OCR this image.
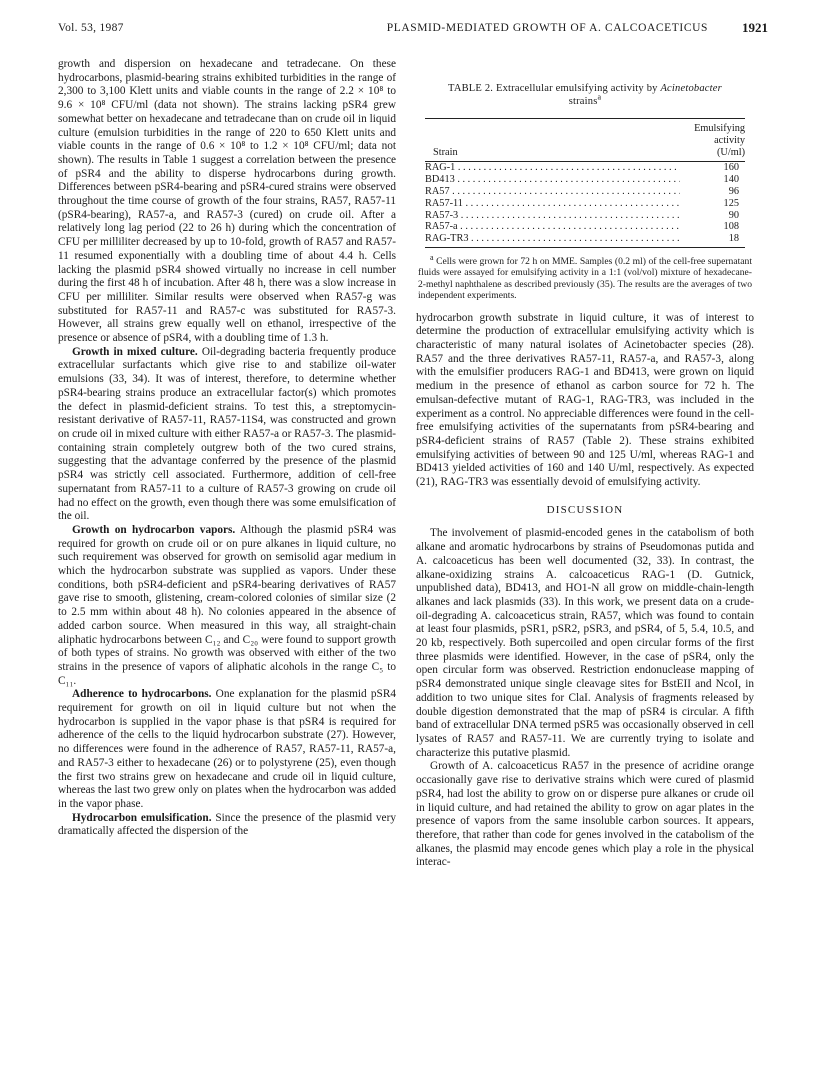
Vol. 53, 1987	PLASMID-MEDIATED GROWTH OF A. CALCOACETICUS	1921

growth and dispersion on hexadecane and tetradecane. On these hydrocarbons, plasmid-bearing strains exhibited turbidities in the range of 2,300 to 3,100 Klett units and viable counts in the range of 2.2 × 10⁸ to 9.6 × 10⁸ CFU/ml (data not shown). The strains lacking pSR4 grew somewhat better on hexadecane and tetradecane than on crude oil in liquid culture (emulsion turbidities in the range of 220 to 650 Klett units and viable counts in the range of 0.6 × 10⁸ to 1.2 × 10⁸ CFU/ml; data not shown). The results in Table 1 suggest a correlation between the presence of pSR4 and the ability to disperse hydrocarbons during growth. Differences between pSR4-bearing and pSR4-cured strains were observed throughout the time course of growth of the four strains, RA57, RA57-11 (pSR4-bearing), RA57-a, and RA57-3 (cured) on crude oil. After a relatively long lag period (22 to 26 h) during which the concentration of CFU per milliliter decreased by up to 10-fold, growth of RA57 and RA57-11 resumed exponentially with a doubling time of about 4.4 h. Cells lacking the plasmid pSR4 showed virtually no increase in cell number during the first 48 h of incubation. After 48 h, there was a slow increase in CFU per milliliter. Similar results were observed when RA57-g was substituted for RA57-11 and RA57-c was substituted for RA57-3. However, all strains grew equally well on ethanol, irrespective of the presence or absence of pSR4, with a doubling time of 1.3 h.

Growth in mixed culture. Oil-degrading bacteria frequently produce extracellular surfactants which give rise to and stabilize oil-water emulsions (33, 34). It was of interest, therefore, to determine whether pSR4-bearing strains produce an extracellular factor(s) which promotes the defect in plasmid-deficient strains. To test this, a streptomycin-resistant derivative of RA57-11, RA57-11S4, was constructed and grown on crude oil in mixed culture with either RA57-a or RA57-3. The plasmid-containing strain completely outgrew both of the two cured strains, suggesting that the advantage conferred by the presence of the plasmid pSR4 was strictly cell associated. Furthermore, addition of cell-free supernatant from RA57-11 to a culture of RA57-3 growing on crude oil had no effect on the growth, even though there was some emulsification of the oil.

Growth on hydrocarbon vapors. Although the plasmid pSR4 was required for growth on crude oil or on pure alkanes in liquid culture, no such requirement was observed for growth on semisolid agar medium in which the hydrocarbon substrate was supplied as vapors. Under these conditions, both pSR4-deficient and pSR4-bearing derivatives of RA57 gave rise to smooth, glistening, cream-colored colonies of similar size (2 to 2.5 mm within about 48 h). No colonies appeared in the absence of added carbon source. When measured in this way, all straight-chain aliphatic hydrocarbons between C₁₂ and C₂₀ were found to support growth of both types of strains. No growth was observed with either of the two strains in the presence of vapors of aliphatic alcohols in the range C₅ to C₁₁.

Adherence to hydrocarbons. One explanation for the plasmid pSR4 requirement for growth on oil in liquid culture but not when the hydrocarbon is supplied in the vapor phase is that pSR4 is required for adherence of the cells to the liquid hydrocarbon substrate (27). However, no differences were found in the adherence of RA57, RA57-11, RA57-a, and RA57-3 either to hexadecane (26) or to polystyrene (25), even though the first two strains grew on hexadecane and crude oil in liquid culture, whereas the last two grew only on plates when the hydrocarbon was added in the vapor phase.

Hydrocarbon emulsification. Since the presence of the plasmid very dramatically affected the dispersion of the

TABLE 2. Extracellular emulsifying activity by Acinetobacter strains$^a$
Strain	Emulsifying
activity
(U/ml)

RAG-1 . . .	160

BD413 . . .	140

RA57 . . .	96

RA57-11 . . .	125

RA57-3 . . .	90

RA57-a . . .	108

RAG-TR3 . . .	18
$^a$ Cells were grown for 72 h on MME. Samples (0.2 ml) of the cell-free supernatant fluids were assayed for emulsifying activity in a 1:1 (vol/vol) mixture of hexadecane-2-methyl naphthalene as described previously (35). The results are the averages of two independent experiments.

hydrocarbon growth substrate in liquid culture, it was of interest to determine the production of extracellular emulsifying activity which is characteristic of many natural isolates of Acinetobacter species (28). RA57 and the three derivatives RA57-11, RA57-a, and RA57-3, along with the emulsifier producers RAG-1 and BD413, were grown on liquid medium in the presence of ethanol as carbon source for 72 h. The emulsan-defective mutant of RAG-1, RAG-TR3, was included in the experiment as a control. No appreciable differences were found in the cell-free emulsifying activities of the supernatants from pSR4-bearing and pSR4-deficient strains of RA57 (Table 2). These strains exhibited emulsifying activities of between 90 and 125 U/ml, whereas RAG-1 and BD413 yielded activities of 160 and 140 U/ml, respectively. As expected (21), RAG-TR3 was essentially devoid of emulsifying activity.

DISCUSSION

The involvement of plasmid-encoded genes in the catabolism of both alkane and aromatic hydrocarbons by strains of Pseudomonas putida and A. calcoaceticus has been well documented (32, 33). In contrast, the alkane-oxidizing strains A. calcoaceticus RAG-1 (D. Gutnick, unpublished data), BD413, and HO1-N all grow on middle-chain-length alkanes and lack plasmids (33). In this work, we present data on a crude-oil-degrading A. calcoaceticus strain, RA57, which was found to contain at least four plasmids, pSR1, pSR2, pSR3, and pSR4, of 5, 5.4, 10.5, and 20 kb, respectively. Both supercoiled and open circular forms of the first three plasmids were identified. However, in the case of pSR4, only the open circular form was observed. Restriction endonuclease mapping of pSR4 demonstrated unique single cleavage sites for BstEII and NcoI, in addition to two unique sites for ClaI. Analysis of fragments released by double digestion demonstrated that the map of pSR4 is circular. A fifth band of extracellular DNA termed pSR5 was occasionally observed in cell lysates of RA57 and RA57-11. We are currently trying to isolate and characterize this putative plasmid.

Growth of A. calcoaceticus RA57 in the presence of acridine orange occasionally gave rise to derivative strains which were cured of plasmid pSR4, had lost the ability to grow on or disperse pure alkanes or crude oil in liquid culture, and had retained the ability to grow on agar plates in the presence of vapors from the same insoluble carbon sources. It appears, therefore, that rather than code for genes involved in the catabolism of the alkanes, the plasmid may encode genes which play a role in the physical interac-
